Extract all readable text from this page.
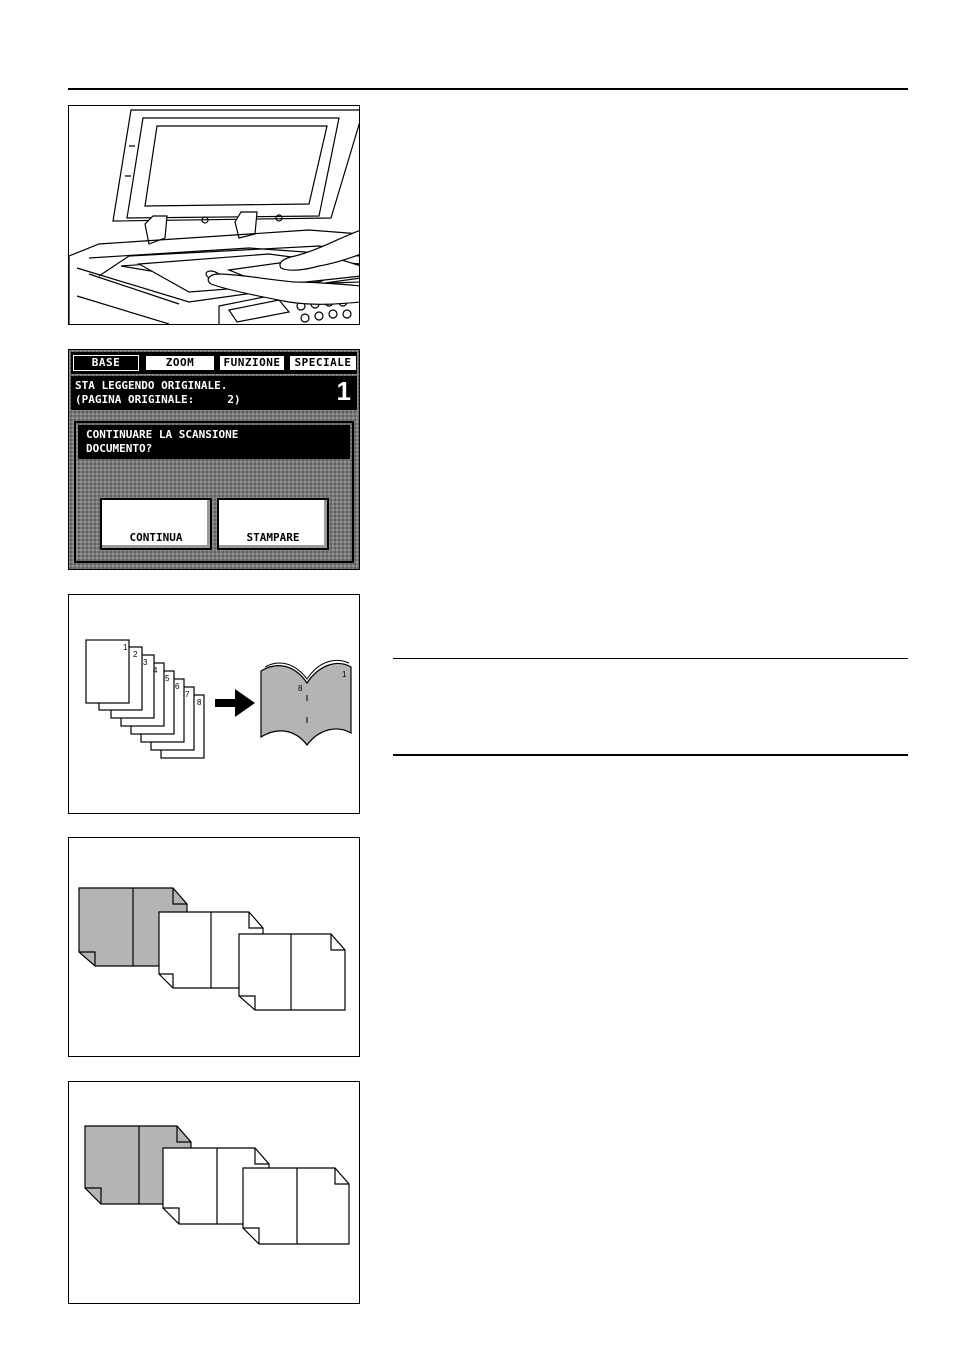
BASE	ZOOM	FUNZIONE	SPECIALE
STA LEGGENDO ORIGINALE.
(PAGINA ORIGINALE:     2)	1
CONTINUARE LA SCANSIONE
DOCUMENTO?
CONTINUA	STAMPARE
1
2
3
4
5
6
7
8
8
1
